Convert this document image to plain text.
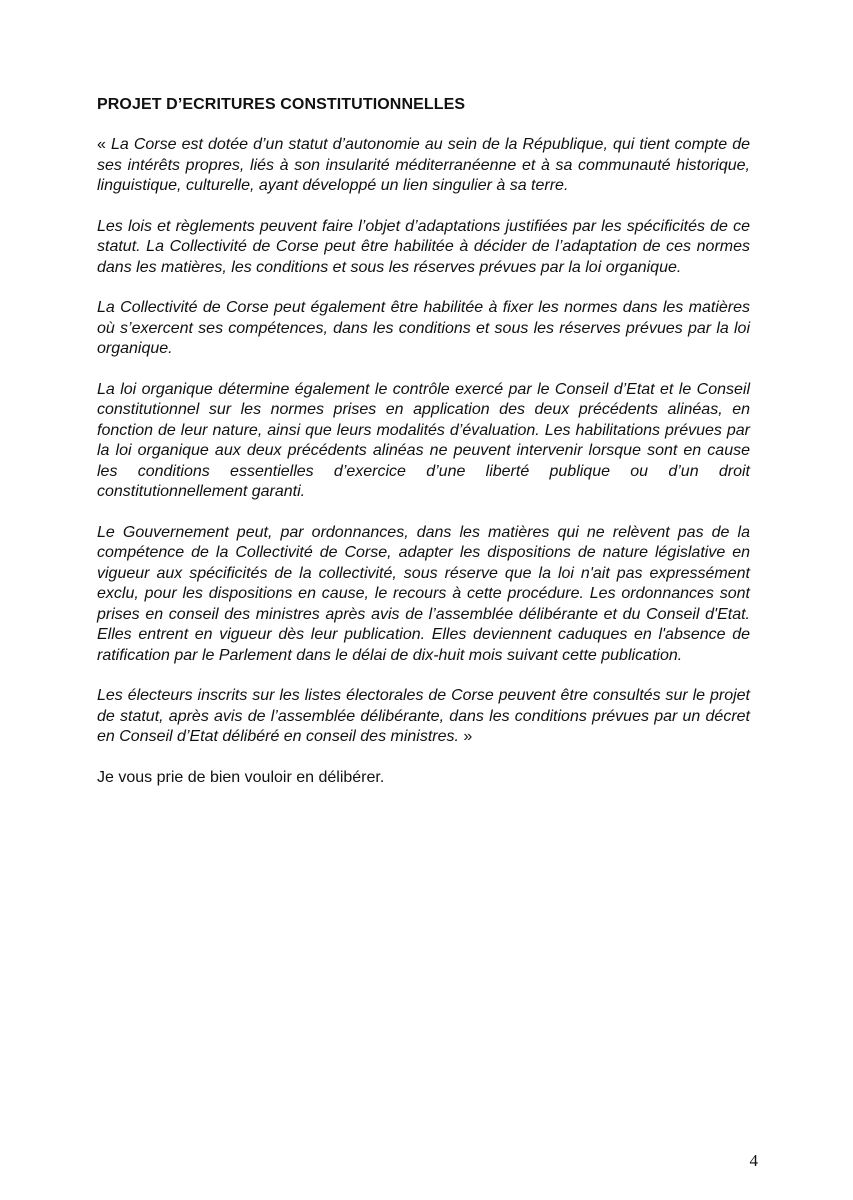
PROJET D’ECRITURES CONSTITUTIONNELLES

« La Corse est dotée d’un statut d’autonomie au sein de la République, qui tient compte de ses intérêts propres, liés à son insularité méditerranéenne et à sa communauté historique, linguistique, culturelle, ayant développé un lien singulier à sa terre.

Les lois et règlements peuvent faire l’objet d’adaptations justifiées par les spécificités de ce statut. La Collectivité de Corse peut être habilitée à décider de l’adaptation de ces normes dans les matières, les conditions et sous les réserves prévues par la loi organique.

La Collectivité de Corse peut également être habilitée à fixer les normes dans les matières où s’exercent ses compétences, dans les conditions et sous les réserves prévues par la loi organique.

La loi organique détermine également le contrôle exercé par le Conseil d’Etat et le Conseil constitutionnel sur les normes prises en application des deux précédents alinéas, en fonction de leur nature, ainsi que leurs modalités d’évaluation. Les habilitations prévues par la loi organique aux deux précédents alinéas ne peuvent intervenir lorsque sont en cause les conditions essentielles d’exercice d’une liberté publique ou d’un droit constitutionnellement garanti.

Le Gouvernement peut, par ordonnances, dans les matières qui ne relèvent pas de la compétence de la Collectivité de Corse, adapter les dispositions de nature législative en vigueur aux spécificités de la collectivité, sous réserve que la loi n'ait pas expressément exclu, pour les dispositions en cause, le recours à cette procédure. Les ordonnances sont prises en conseil des ministres après avis de l’assemblée délibérante et du Conseil d'Etat. Elles entrent en vigueur dès leur publication. Elles deviennent caduques en l'absence de ratification par le Parlement dans le délai de dix-huit mois suivant cette publication.

Les électeurs inscrits sur les listes électorales de Corse peuvent être consultés sur le projet de statut, après avis de l’assemblée délibérante, dans les conditions prévues par un décret en Conseil d’Etat délibéré en conseil des ministres. »

Je vous prie de bien vouloir en délibérer.

4
